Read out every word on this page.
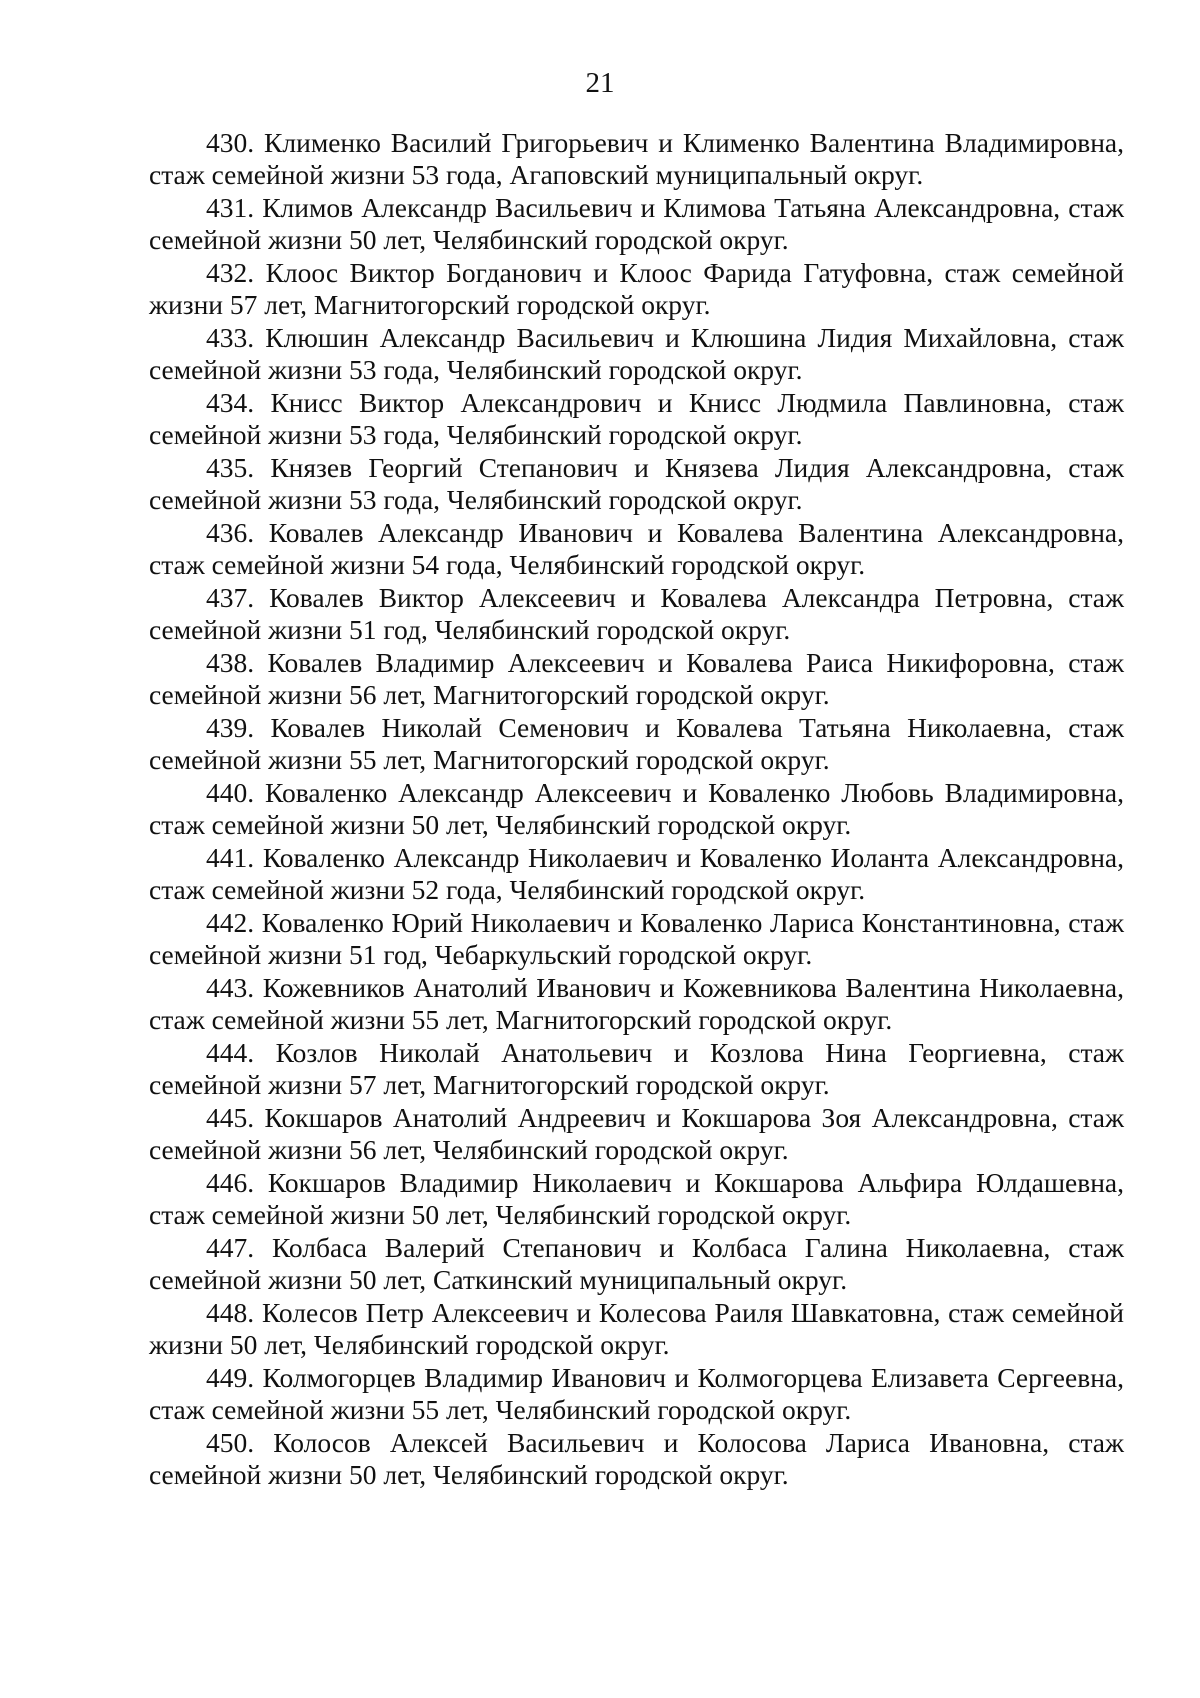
21

430. Клименко Василий Григорьевич и Клименко Валентина Владимировна, стаж семейной жизни 53 года, Агаповский муниципальный округ.

431. Климов Александр Васильевич и Климова Татьяна Александровна, стаж семейной жизни 50 лет, Челябинский городской округ.

432. Клоос Виктор Богданович и Клоос Фарида Гатуфовна, стаж семейной жизни 57 лет, Магнитогорский городской округ.

433. Клюшин Александр Васильевич и Клюшина Лидия Михайловна, стаж семейной жизни 53 года, Челябинский городской округ.

434. Книсс Виктор Александрович и Книсс Людмила Павлиновна, стаж семейной жизни 53 года, Челябинский городской округ.

435. Князев Георгий Степанович и Князева Лидия Александровна, стаж семейной жизни 53 года, Челябинский городской округ.

436. Ковалев Александр Иванович и Ковалева Валентина Александровна, стаж семейной жизни 54 года, Челябинский городской округ.

437. Ковалев Виктор Алексеевич и Ковалева Александра Петровна, стаж семейной жизни 51 год, Челябинский городской округ.

438. Ковалев Владимир Алексеевич и Ковалева Раиса Никифоровна, стаж семейной жизни 56 лет, Магнитогорский городской округ.

439. Ковалев Николай Семенович и Ковалева Татьяна Николаевна, стаж семейной жизни 55 лет, Магнитогорский городской округ.

440. Коваленко Александр Алексеевич и Коваленко Любовь Владимировна, стаж семейной жизни 50 лет, Челябинский городской округ.

441. Коваленко Александр Николаевич и Коваленко Иоланта Александровна, стаж семейной жизни 52 года, Челябинский городской округ.

442. Коваленко Юрий Николаевич и Коваленко Лариса Константиновна, стаж семейной жизни 51 год, Чебаркульский городской округ.

443. Кожевников Анатолий Иванович и Кожевникова Валентина Николаевна, стаж семейной жизни 55 лет, Магнитогорский городской округ.

444. Козлов Николай Анатольевич и Козлова Нина Георгиевна, стаж семейной жизни 57 лет, Магнитогорский городской округ.

445. Кокшаров Анатолий Андреевич и Кокшарова Зоя Александровна, стаж семейной жизни 56 лет, Челябинский городской округ.

446. Кокшаров Владимир Николаевич и Кокшарова Альфира Юлдашевна, стаж семейной жизни 50 лет, Челябинский городской округ.

447. Колбаса Валерий Степанович и Колбаса Галина Николаевна, стаж семейной жизни 50 лет, Саткинский муниципальный округ.

448. Колесов Петр Алексеевич и Колесова Раиля Шавкатовна, стаж семейной жизни 50 лет, Челябинский городской округ.

449. Колмогорцев Владимир Иванович и Колмогорцева Елизавета Сергеевна, стаж семейной жизни 55 лет, Челябинский городской округ.

450. Колосов Алексей Васильевич и Колосова Лариса Ивановна, стаж семейной жизни 50 лет, Челябинский городской округ.
